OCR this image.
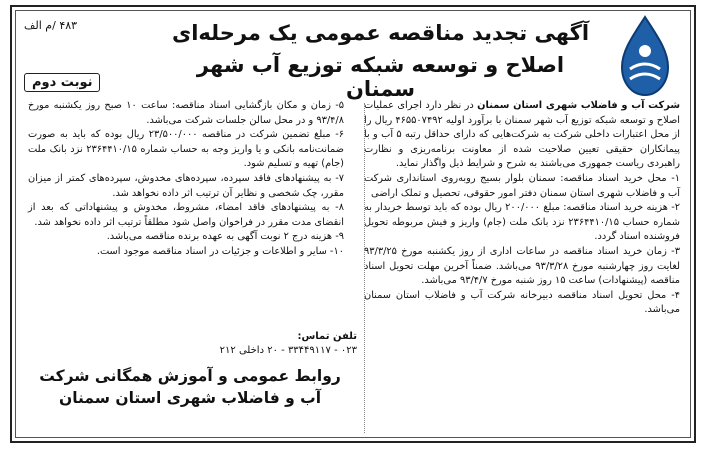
۴۸۳ /م الف
نوبت دوم
آگهی تجدید مناقصه عمومی یک مرحله‌ای
اصلاح و توسعه شبکه توزیع آب شهر سمنان

شرکت آب و فاضلاب شهری استان سمنان در نظر دارد اجرای عملیات اصلاح و توسعه شبکه توزیع آب شهر سمنان با برآورد اولیه ۴۶۵۵۰۷۴۹۲ ریال را از محل اعتبارات داخلی شرکت به شرکت‌هایی که دارای حداقل رتبه ۵ آب و با پیمانکاران حقیقی تعیین صلاحیت شده از معاونت برنامه‌ریزی و نظارت راهبردی ریاست جمهوری می‌باشند به شرح و شرایط ذیل واگذار نماید.

۱- محل خرید اسناد مناقصه: سمنان بلوار بسیج روبه‌روی استانداری شرکت آب و فاضلاب شهری استان سمنان دفتر امور حقوقی، تحصیل و تملک اراضی

۲- هزینه خرید اسناد مناقصه: مبلغ ۲۰۰/۰۰۰ ریال بوده که باید توسط خریدار به شماره حساب ۲۳۶۴۴۱۰/۱۵ نزد بانک ملت (جام) واریز و فیش مربوطه تحویل فروشنده اسناد گردد.

۳- زمان خرید اسناد مناقصه در ساعات اداری از روز یکشنبه مورخ ۹۳/۳/۲۵ لغایت روز چهارشنبه مورخ ۹۳/۳/۲۸ می‌باشد. ضمناً آخرین مهلت تحویل اسناد مناقصه (پیشنهادات) ساعت ۱۵ روز شنبه مورخ ۹۳/۴/۷ می‌باشد.

۴- محل تحویل اسناد مناقصه دبیرخانه شرکت آب و فاضلاب استان سمنان می‌باشد.

۵- زمان و مکان بازگشایی اسناد مناقصه: ساعت ۱۰ صبح روز یکشنبه مورخ ۹۳/۴/۸ و در محل سالن جلسات شرکت می‌باشد.

۶- مبلغ تضمین شرکت در مناقصه ۲۳/۵۰۰/۰۰۰ ریال بوده که باید به صورت ضمانت‌نامه بانکی و یا واریز وجه به حساب شماره ۲۳۶۴۴۱۰/۱۵ نزد بانک ملت (جام) تهیه و تسلیم شود.

۷- به پیشنهادهای فاقد سپرده، سپرده‌های مخدوش، سپرده‌های کمتر از میزان مقرر، چک شخصی و نظایر آن ترتیب اثر داده نخواهد شد.

۸- به پیشنهادهای فاقد امضاء، مشروط، مخدوش و پیشنهاداتی که بعد از انقضای مدت مقرر در فراخوان واصل شود مطلقاً ترتیب اثر داده نخواهد شد.

۹- هزینه درج ۲ نوبت آگهی به عهده برنده مناقصه می‌باشد.

۱۰- سایر و اطلاعات و جزئیات در اسناد مناقصه موجود است.

تلفن تماس:
۰۲۳ - ۳۳۴۴۹۱۱۷ - ۲۰ داخلی ۲۱۲
روابط عمومی و آموزش همگانی شرکت
آب و فاضلاب شهری استان سمنان
